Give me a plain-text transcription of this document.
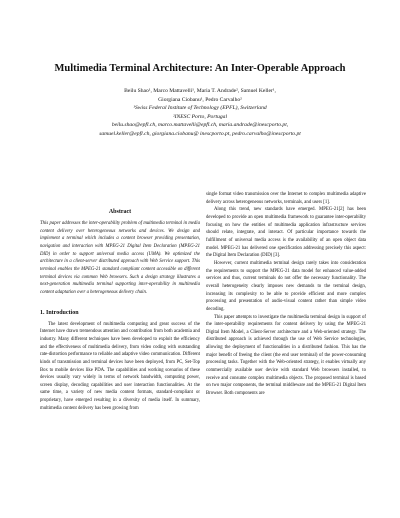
Multimedia Terminal Architecture: An Inter-Operable Approach
Beilu Shao¹, Marco Mattavelli¹, Maria T. Andrade², Samuel Keller¹,
Giorgiana Ciobanu¹, Pedro Carvalho²
¹Swiss Federal Institute of Technology (EPFL), Switzerland
²INESC Porto, Portugal
beilu.shao@epfl.ch, marco.mattavelli@epfl.ch, maria.andrade@inescporto.pt,
samuel.keller@epfl.ch, giorgiana.ciobanu@ inescporto.pt, pedro.carvalho@inescporto.pt
Abstract
This paper addresses the inter-operability problem of multimedia terminal in media content delivery over heterogeneous networks and devices. We design and implement a terminal which includes a content browser providing presentation, navigation and interaction with MPEG-21 Digital Item Declaration (MPEG-21 DID) in order to support universal media access (UMA). We optimized the architecture in a client-server distributed approach with Web Service support. This terminal enables the MPEG-21 standard compliant content accessible on different terminal devices via common Web browsers. Such a design strategy illustrates a next-generation multimedia terminal supporting inter-operability in multimedia content adaptation over a heterogeneous delivery chain.
1. Introduction

The latest development of multimedia computing and great success of the Internet have drawn tremendous attention and contribution from both academia and industry. Many different techniques have been developed to exploit the efficiency and the effectiveness of multimedia delivery, from video coding with outstanding rate-distortion performance to reliable and adaptive video communication. Different kinds of transmission and terminal devices have been deployed, from PC, Set-Top Box to mobile devices like PDA. The capabilities and working scenarios of these devices usually vary widely in terms of network bandwidth, computing power, screen display, decoding capabilities and user interaction functionalities. At the same time, a variety of new media content formats, standard-compliant or proprietary, have emerged resulting in a diversity of media itself. In summary, multimedia content delivery has been growing from

single format video transmission over the Internet to complex multimedia adaptive delivery across heterogeneous networks, terminals, and users [1].

Along this trend, new standards have emerged. MPEG-21[2] has been developed to provide an open multimedia framework to guarantee inter-operability focusing on how the entities of multimedia application infrastructure services should relate, integrate, and interact. Of particular importance towards the fulfillment of universal media access is the availability of an open object data model. MPEG-21 has delivered one specification addressing precisely this aspect: the Digital Item Declaration (DID) [3].

However, current multimedia terminal design rarely takes into consideration the requirements to support the MPEG-21 data model for enhanced value-added services and thus, current terminals do not offer the necessary functionality. The overall heterogeneity clearly imposes new demands to the terminal design, increasing its complexity to be able to provide efficient and more complex processing and presentation of audio-visual content rather than simple video decoding.

This paper attempts to investigate the multimedia terminal design in support of the inter-operability requirements for content delivery by using the MPEG-21 Digital Item Model, a Client-Server architecture and a Web-oriented strategy. The distributed approach is achieved through the use of Web Service technologies, allowing the deployment of functionalities in a distributed fashion. This has the major benefit of freeing the client (the end user terminal) of the power-consuming processing tasks. Together with the Web-oriented strategy, it enables virtually any commercially available user device with standard Web browsers installed, to receive and consume complex multimedia objects. The proposed terminal is based on two major components, the terminal middleware and the MPEG-21 Digital Item Browser. Both components are
